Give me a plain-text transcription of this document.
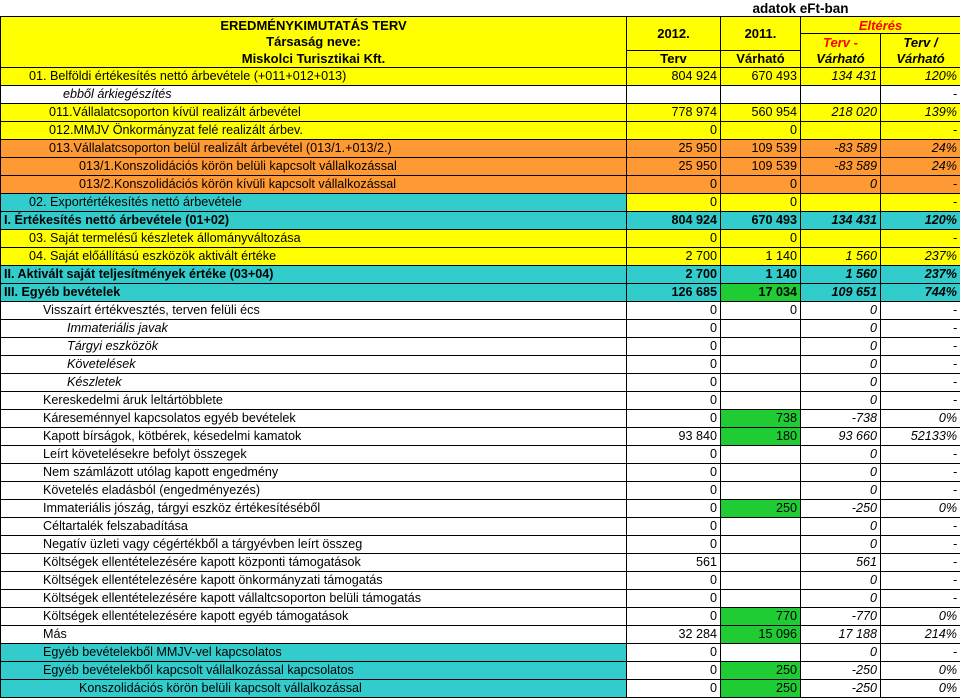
		adatok eFt-ban		
EREDMÉNYKIMUTATÁS TERV	2012.	2011.	Eltérés	
Társaság neve:			Terv -	Terv /
Miskolci Turisztikai Kft.	Terv	Várható	Várható	Várható
01. Belföldi értékesítés nettó árbevétele (+011+012+013)	804 924	670 493	134 431	120%
ebből árkiegészítés				-
011.Vállalatcsoporton kívül realizált árbevétel	778 974	560 954	218 020	139%
012.MMJV Önkormányzat felé realizált árbev.	0	0		-
013.Vállalatcsoporton belül realizált árbevétel (013/1.+013/2.)	25 950	109 539	-83 589	24%
013/1.Konszolidációs körön belüli kapcsolt vállalkozással	25 950	109 539	-83 589	24%
013/2.Konszolidációs körön kívüli kapcsolt vállalkozással	0	0	0	-
02. Exportértékesítés nettó árbevétele	0	0		-
I. Értékesítés nettó árbevétele (01+02)	804 924	670 493	134 431	120%
03. Saját termelésű készletek állományváltozása	0	0		-
04. Saját előállítású eszközök aktivált értéke	2 700	1 140	1 560	237%
II. Aktivált saját teljesítmények értéke (03+04)	2 700	1 140	1 560	237%
III. Egyéb bevételek	126 685	17 034	109 651	744%
Visszaírt értékvesztés, terven felüli écs	0	0	0	-
Immateriális javak	0		0	-
Tárgyi eszközök	0		0	-
Követelések	0		0	-
Készletek	0		0	-
Kereskedelmi áruk leltártöbblete	0		0	-
Káreseménnyel kapcsolatos egyéb bevételek	0	738	-738	0%
Kapott bírságok, kötbérek, késedelmi kamatok	93 840	180	93 660	52133%
Leírt követelésekre befolyt összegek	0		0	-
Nem számlázott utólag kapott engedmény	0		0	-
Követelés eladásból (engedményezés)	0		0	-
Immateriális jószág, tárgyi eszköz értékesítéséből	0	250	-250	0%
Céltartalék felszabadítása	0		0	-
Negatív üzleti vagy cégértékből a tárgyévben leírt összeg	0		0	-
Költségek ellentételezésére kapott központi támogatások	561		561	-
Költségek ellentételezésére kapott önkormányzati támogatás	0		0	-
Költségek ellentételezésére kapott vállaltcsoporton belüli támogatás	0		0	-
Költségek ellentételezésére kapott egyéb támogatások	0	770	-770	0%
Más	32 284	15 096	17 188	214%
Egyéb bevételekből MMJV-vel kapcsolatos	0		0	-
Egyéb bevételekből kapcsolt vállalkozással kapcsolatos	0	250	-250	0%
Konszolidációs körön belüli kapcsolt vállalkozással	0	250	-250	0%
